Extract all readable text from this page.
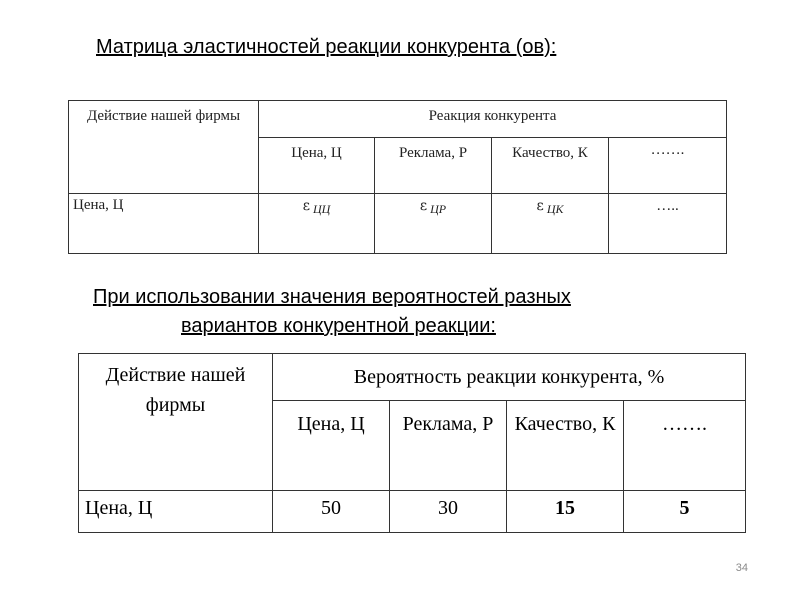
Матрица эластичностей реакции конкурента (ов):
Действие нашей фирмы	Реакция конкурента			
	Цена, Ц	Реклама, Р	Качество, К	…….
Цена, Ц	ε $_{ЦЦ}$	ε $_{ЦР}$	ε $_{ЦК}$	…..
При использовании значения вероятностей разных
вариантов конкурентной реакции:
Действие нашей фирмы	Вероятность реакции конкурента, %			
	Цена, Ц	Реклама, Р	Качество, К	…….
Цена, Ц	50	30	15	5
34
